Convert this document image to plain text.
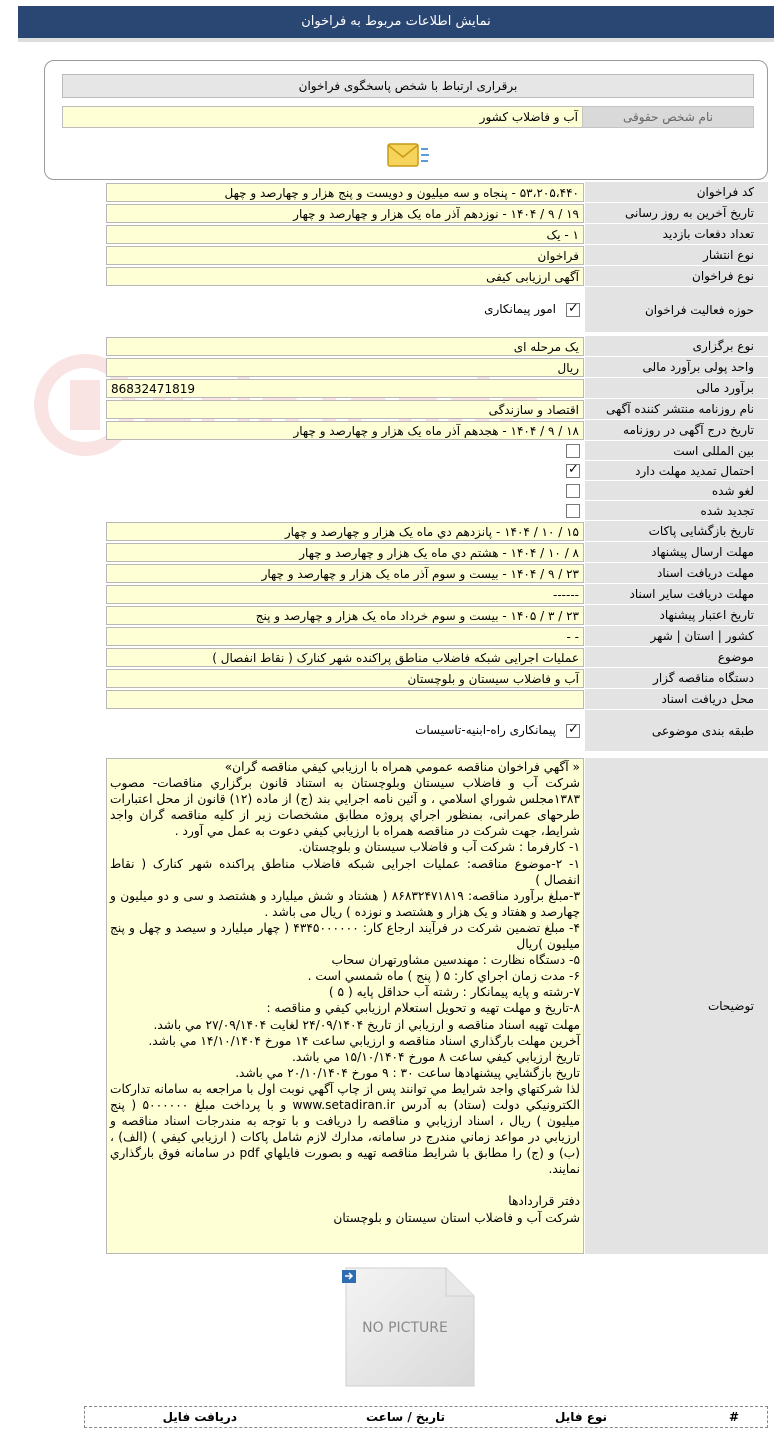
نمایش اطلاعات مربوط به فراخوان
برقراری ارتباط با شخص پاسخگوی فراخوان
نام شخص حقوقی
آب و فاضلاب کشور
کد فراخوان
۵۳،۲۰۵،۴۴۰ - پنجاه و سه میلیون و دویست و پنج هزار و چهارصد و چهل
تاریخ آخرین به روز رسانی
۱۹ / ۹ / ۱۴۰۴ - نوزدهم آذر ماه یک هزار و چهارصد و چهار
تعداد دفعات بازدید
۱ - یک
نوع انتشار
فراخوان
نوع فراخوان
آگهی ارزیابی کیفی
حوزه فعالیت فراخوان
✓
امور پیمانکاری
نوع برگزاری
یک مرحله ای
واحد پولی برآورد مالی
ریال
برآورد مالی
86832471819
نام روزنامه منتشر کننده آگهی
اقتصاد و سازندگی
تاریخ درج آگهی در روزنامه
۱۸ / ۹ / ۱۴۰۴ - هجدهم آذر ماه یک هزار و چهارصد و چهار
بین المللی است
احتمال تمدید مهلت دارد
✓
لغو شده
تجدید شده
تاریخ بازگشایی پاکات
۱۵ / ۱۰ / ۱۴۰۴ - پانزدهم دي ماه یک هزار و چهارصد و چهار
مهلت ارسال پیشنهاد
۸ / ۱۰ / ۱۴۰۴ - هشتم دي ماه یک هزار و چهارصد و چهار
مهلت دریافت اسناد
۲۳ / ۹ / ۱۴۰۴ - بیست و سوم آذر ماه یک هزار و چهارصد و چهار
مهلت دریافت سایر اسناد
------
تاریخ اعتبار پیشنهاد
۲۳ / ۳ / ۱۴۰۵ - بیست و سوم خرداد ماه یک هزار و چهارصد و پنج
کشور | استان | شهر
- -
موضوع
عملیات اجرایی شبکه فاضلاب مناطق پراکنده شهر کنارک ( نقاط انفصال )
دستگاه مناقصه گزار
آب و فاضلاب سیستان و بلوچستان
محل دریافت اسناد
طبقه بندی موضوعی
✓
پیمانکاری راه-ابنیه-تاسیسات
توضیحات

« آگهي فراخوان مناقصه عمومي همراه با ارزيابي كيفي مناقصه گران»

شرکت آب و فاضلاب سیستان وبلوچستان به استناد قانون برگزاري مناقصات- مصوب ۱۳۸۳مجلس شوراي اسلامي ، و آئين نامه اجرايي بند (ج) از ماده (۱۲) قانون از محل اعتبارات طرحهای عمرانی، بمنظور اجراي پروژه مطابق مشخصات زير از كليه مناقصه گران واجد شرايط، جهت شرکت در مناقصه همراه با ارزيابي كيفي دعوت به عمل مي آورد .

۱- كارفرما : شرکت آب و فاضلاب سیستان و بلوچستان.

۱- ۲-موضوع مناقصه: عملیات اجرایی شبکه فاضلاب مناطق پراکنده شهر کنارک ( نقاط انفصال )

۳-مبلغ برآورد مناقصه: ۸۶۸۳۲۴۷۱۸۱۹ ( هشتاد و شش میلیارد و هشتصد و سی و دو میلیون و چهارصد و هفتاد و یک هزار و هشتصد و نوزده ) ریال می باشد .

۴- مبلغ تضمين شركت در فرآيند ارجاع كار: ۴۳۴۵۰۰۰۰۰۰ ( چهار میلیارد و سیصد و چهل و پنج میلیون )ريال

۵- دستگاه نظارت : مهندسین مشاورتهران سحاب

۶- مدت زمان اجراي كار: ۵ ( پنج ) ماه شمسي است .

۷-رشته و پايه پيمانكار : رشته آب حداقل پایه ( ۵ )

۸-تاريخ و مهلت تهيه و تحويل استعلام ارزيابي كيفي و مناقصه :

مهلت تهيه اسناد مناقصه و ارزيابي از تاريخ ۲۴/۰۹/۱۴۰۴ لغايت ۲۷/۰۹/۱۴۰۴ مي باشد.

آخرين مهلت بارگذاري اسناد مناقصه و ارزيابي ساعت ۱۴ مورخ ۱۴/۱۰/۱۴۰۴ مي باشد.

تاريخ ارزيابي كيفي ساعت ۸ مورخ ۱۵/۱۰/۱۴۰۴ مي باشد.

تاريخ بازگشايي پيشنهادها ساعت ۳۰ : ۹ مورخ ۲۰/۱۰/۱۴۰۴ مي باشد.

لذا شركتهاي واجد شرايط مي توانند پس از چاپ آگهي نوبت اول با مراجعه به سامانه تداركات الكترونيكي دولت (ستاد) به آدرس www.setadiran.ir و با پرداخت مبلغ ۵۰۰۰۰۰۰ ( پنج ميليون ) ريال ، اسناد ارزيابي و مناقصه را دريافت و با توجه به مندرجات اسناد مناقصه و ارزيابي در مواعد زماني مندرج در سامانه، مدارك لازم شامل پاكات ( ارزيابي كيفي ) (الف) ، (ب) و (ج) را مطابق با شرايط مناقصه تهيه و بصورت فايلهاي pdf در سامانه فوق بارگذاري نمايند.

دفتر قراردادها

شرکت آب و فاضلاب استان سیستان و بلوچستان

NO PICTURE
#
نوع فایل
تاریخ / ساعت
دریافت فایل
